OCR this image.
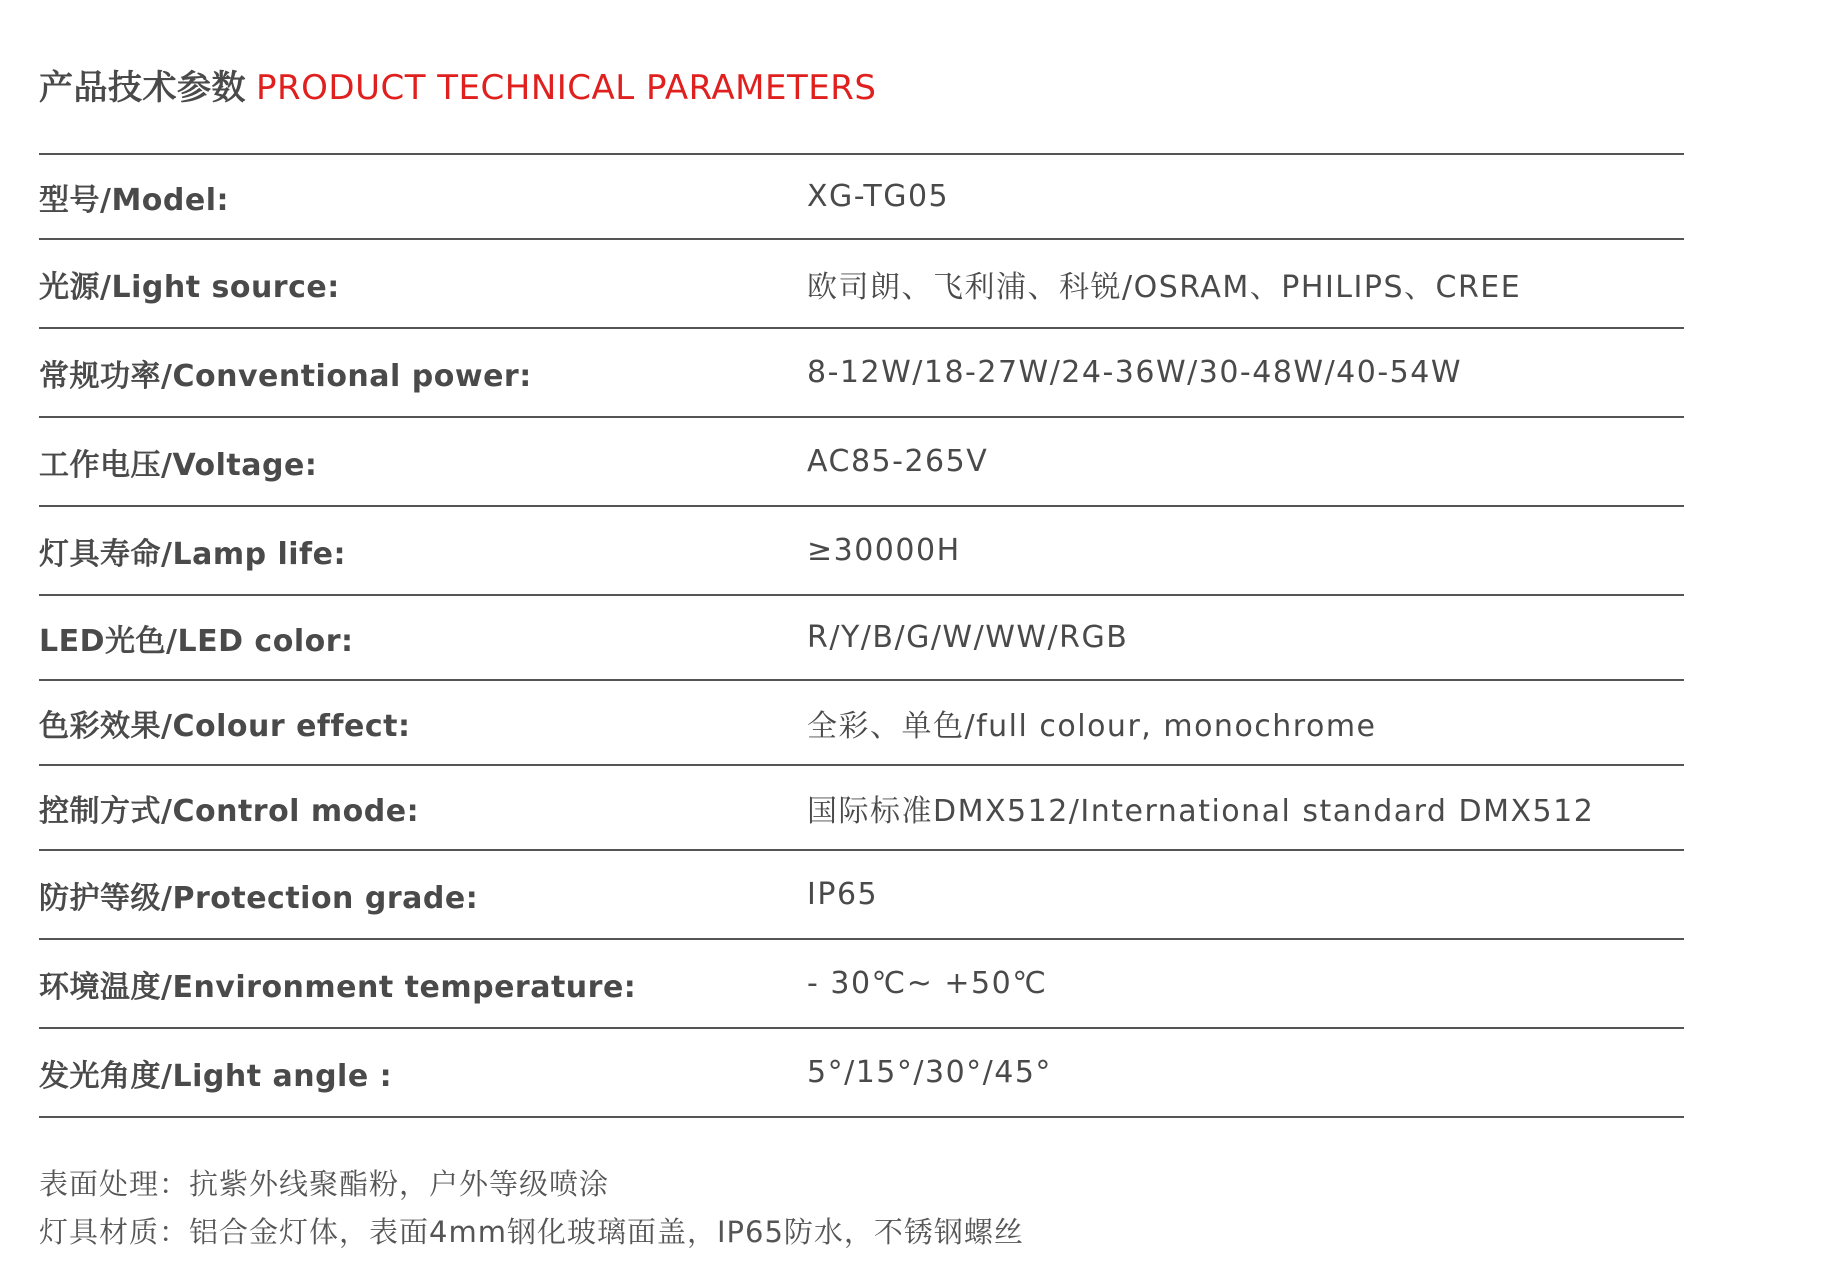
产品技术参数 PRODUCT TECHNICAL PARAMETERS
型号/Model:	XG-TG05
光源/Light source:	欧司朗、飞利浦、科锐/OSRAM、PHILIPS、CREE
常规功率/Conventional power:	8-12W/18-27W/24-36W/30-48W/40-54W
工作电压/Voltage:	AC85-265V
灯具寿命/Lamp life:	≥30000H
LED光色/LED color:	R/Y/B/G/W/WW/RGB
色彩效果/Colour effect:	全彩、单色/full colour, monochrome
控制方式/Control mode:	国际标准DMX512/International standard DMX512
防护等级/Protection grade:	IP65
环境温度/Environment temperature:	- 30℃~ +50℃
发光角度/Light angle :	5°/15°/30°/45°
表面处理：抗紫外线聚酯粉，户外等级喷涂
灯具材质：铝合金灯体，表面4mm钢化玻璃面盖，IP65防水，不锈钢螺丝
